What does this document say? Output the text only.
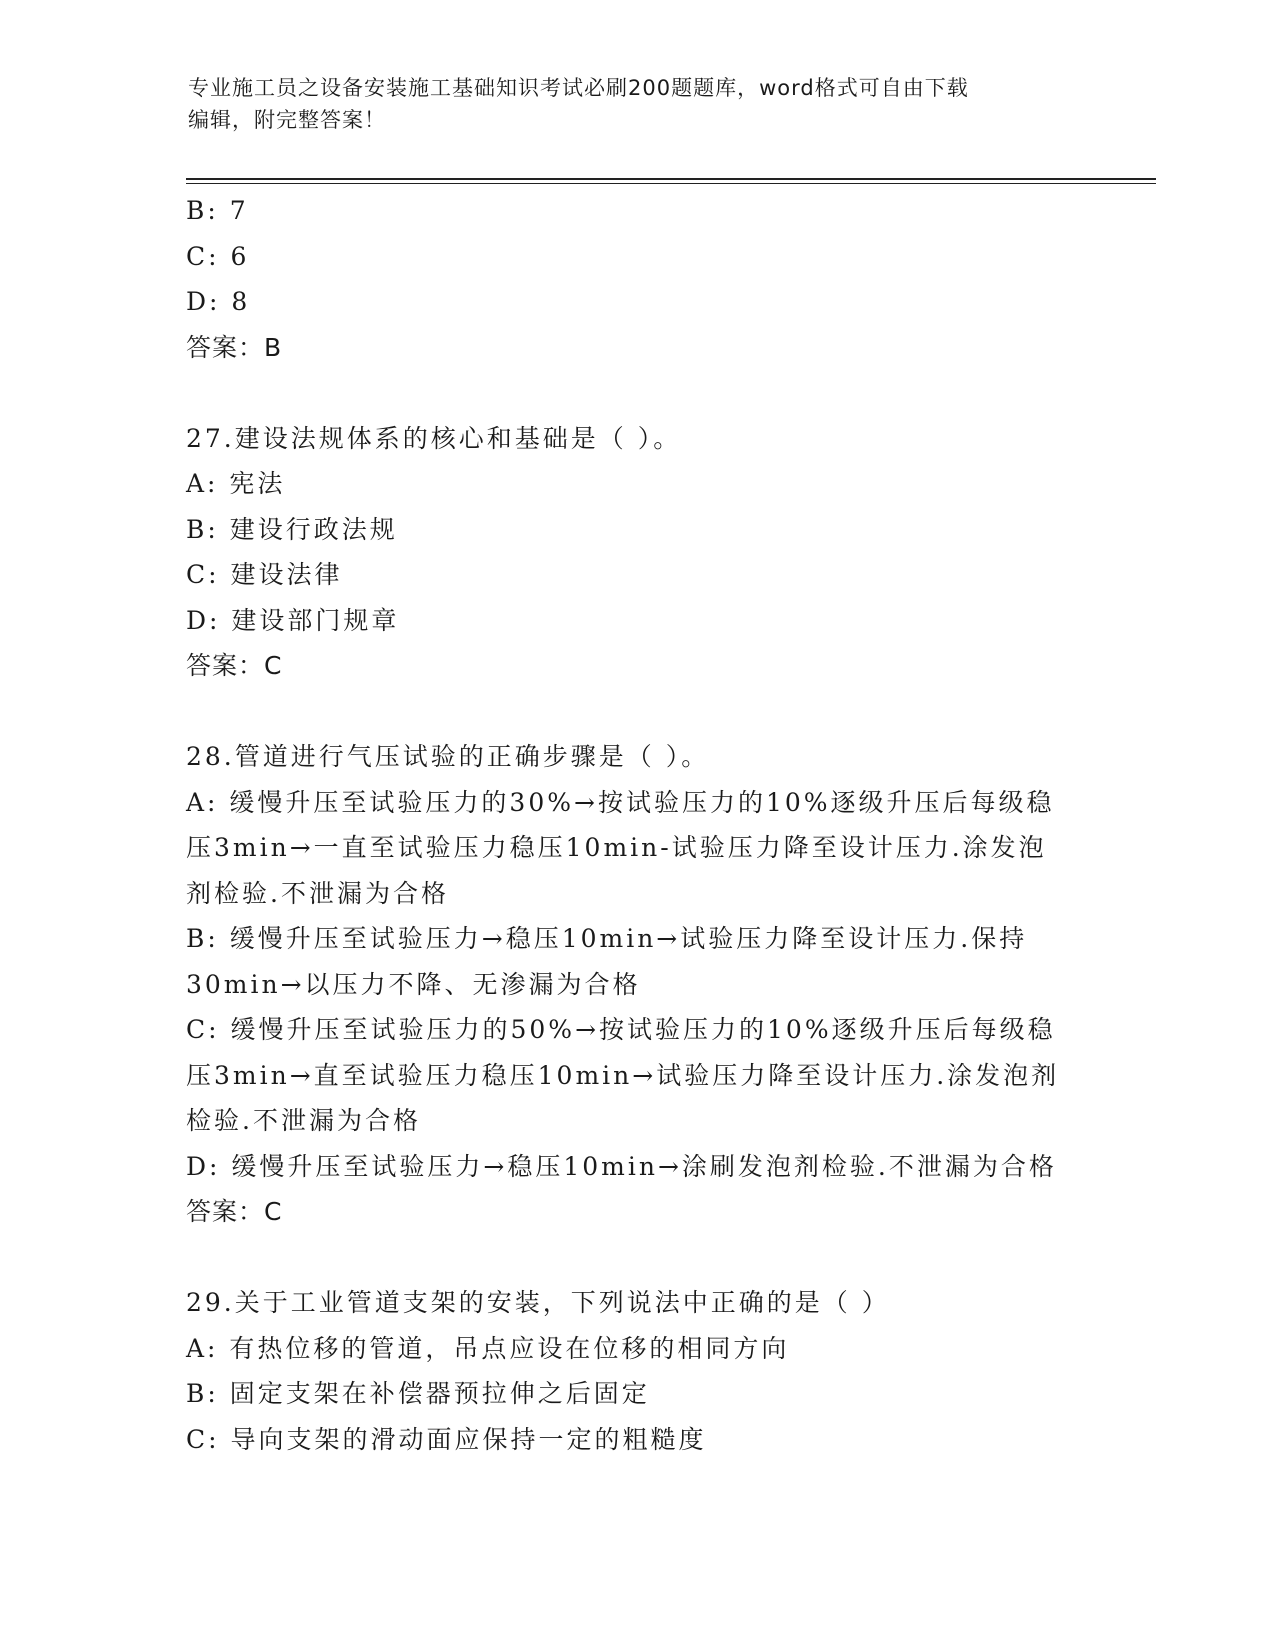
专业施工员之设备安装施工基础知识考试必刷200题题库，word格式可自由下载
编辑，附完整答案！

B: 7

C: 6

D: 8

答案：B

27.建设法规体系的核心和基础是（ ）。

A: 宪法

B: 建设行政法规

C: 建设法律

D: 建设部门规章

答案：C

28.管道进行气压试验的正确步骤是（ ）。

A: 缓慢升压至试验压力的30%→按试验压力的10%逐级升压后每级稳

压3min→一直至试验压力稳压10min-试验压力降至设计压力.涂发泡

剂检验.不泄漏为合格

B: 缓慢升压至试验压力→稳压10min→试验压力降至设计压力.保持

30min→以压力不降、无渗漏为合格

C: 缓慢升压至试验压力的50%→按试验压力的10%逐级升压后每级稳

压3min→直至试验压力稳压10min→试验压力降至设计压力.涂发泡剂

检验.不泄漏为合格

D: 缓慢升压至试验压力→稳压10min→涂刷发泡剂检验.不泄漏为合格

答案：C

29.关于工业管道支架的安装，下列说法中正确的是（ ）

A: 有热位移的管道，吊点应设在位移的相同方向

B: 固定支架在补偿器预拉伸之后固定

C: 导向支架的滑动面应保持一定的粗糙度
